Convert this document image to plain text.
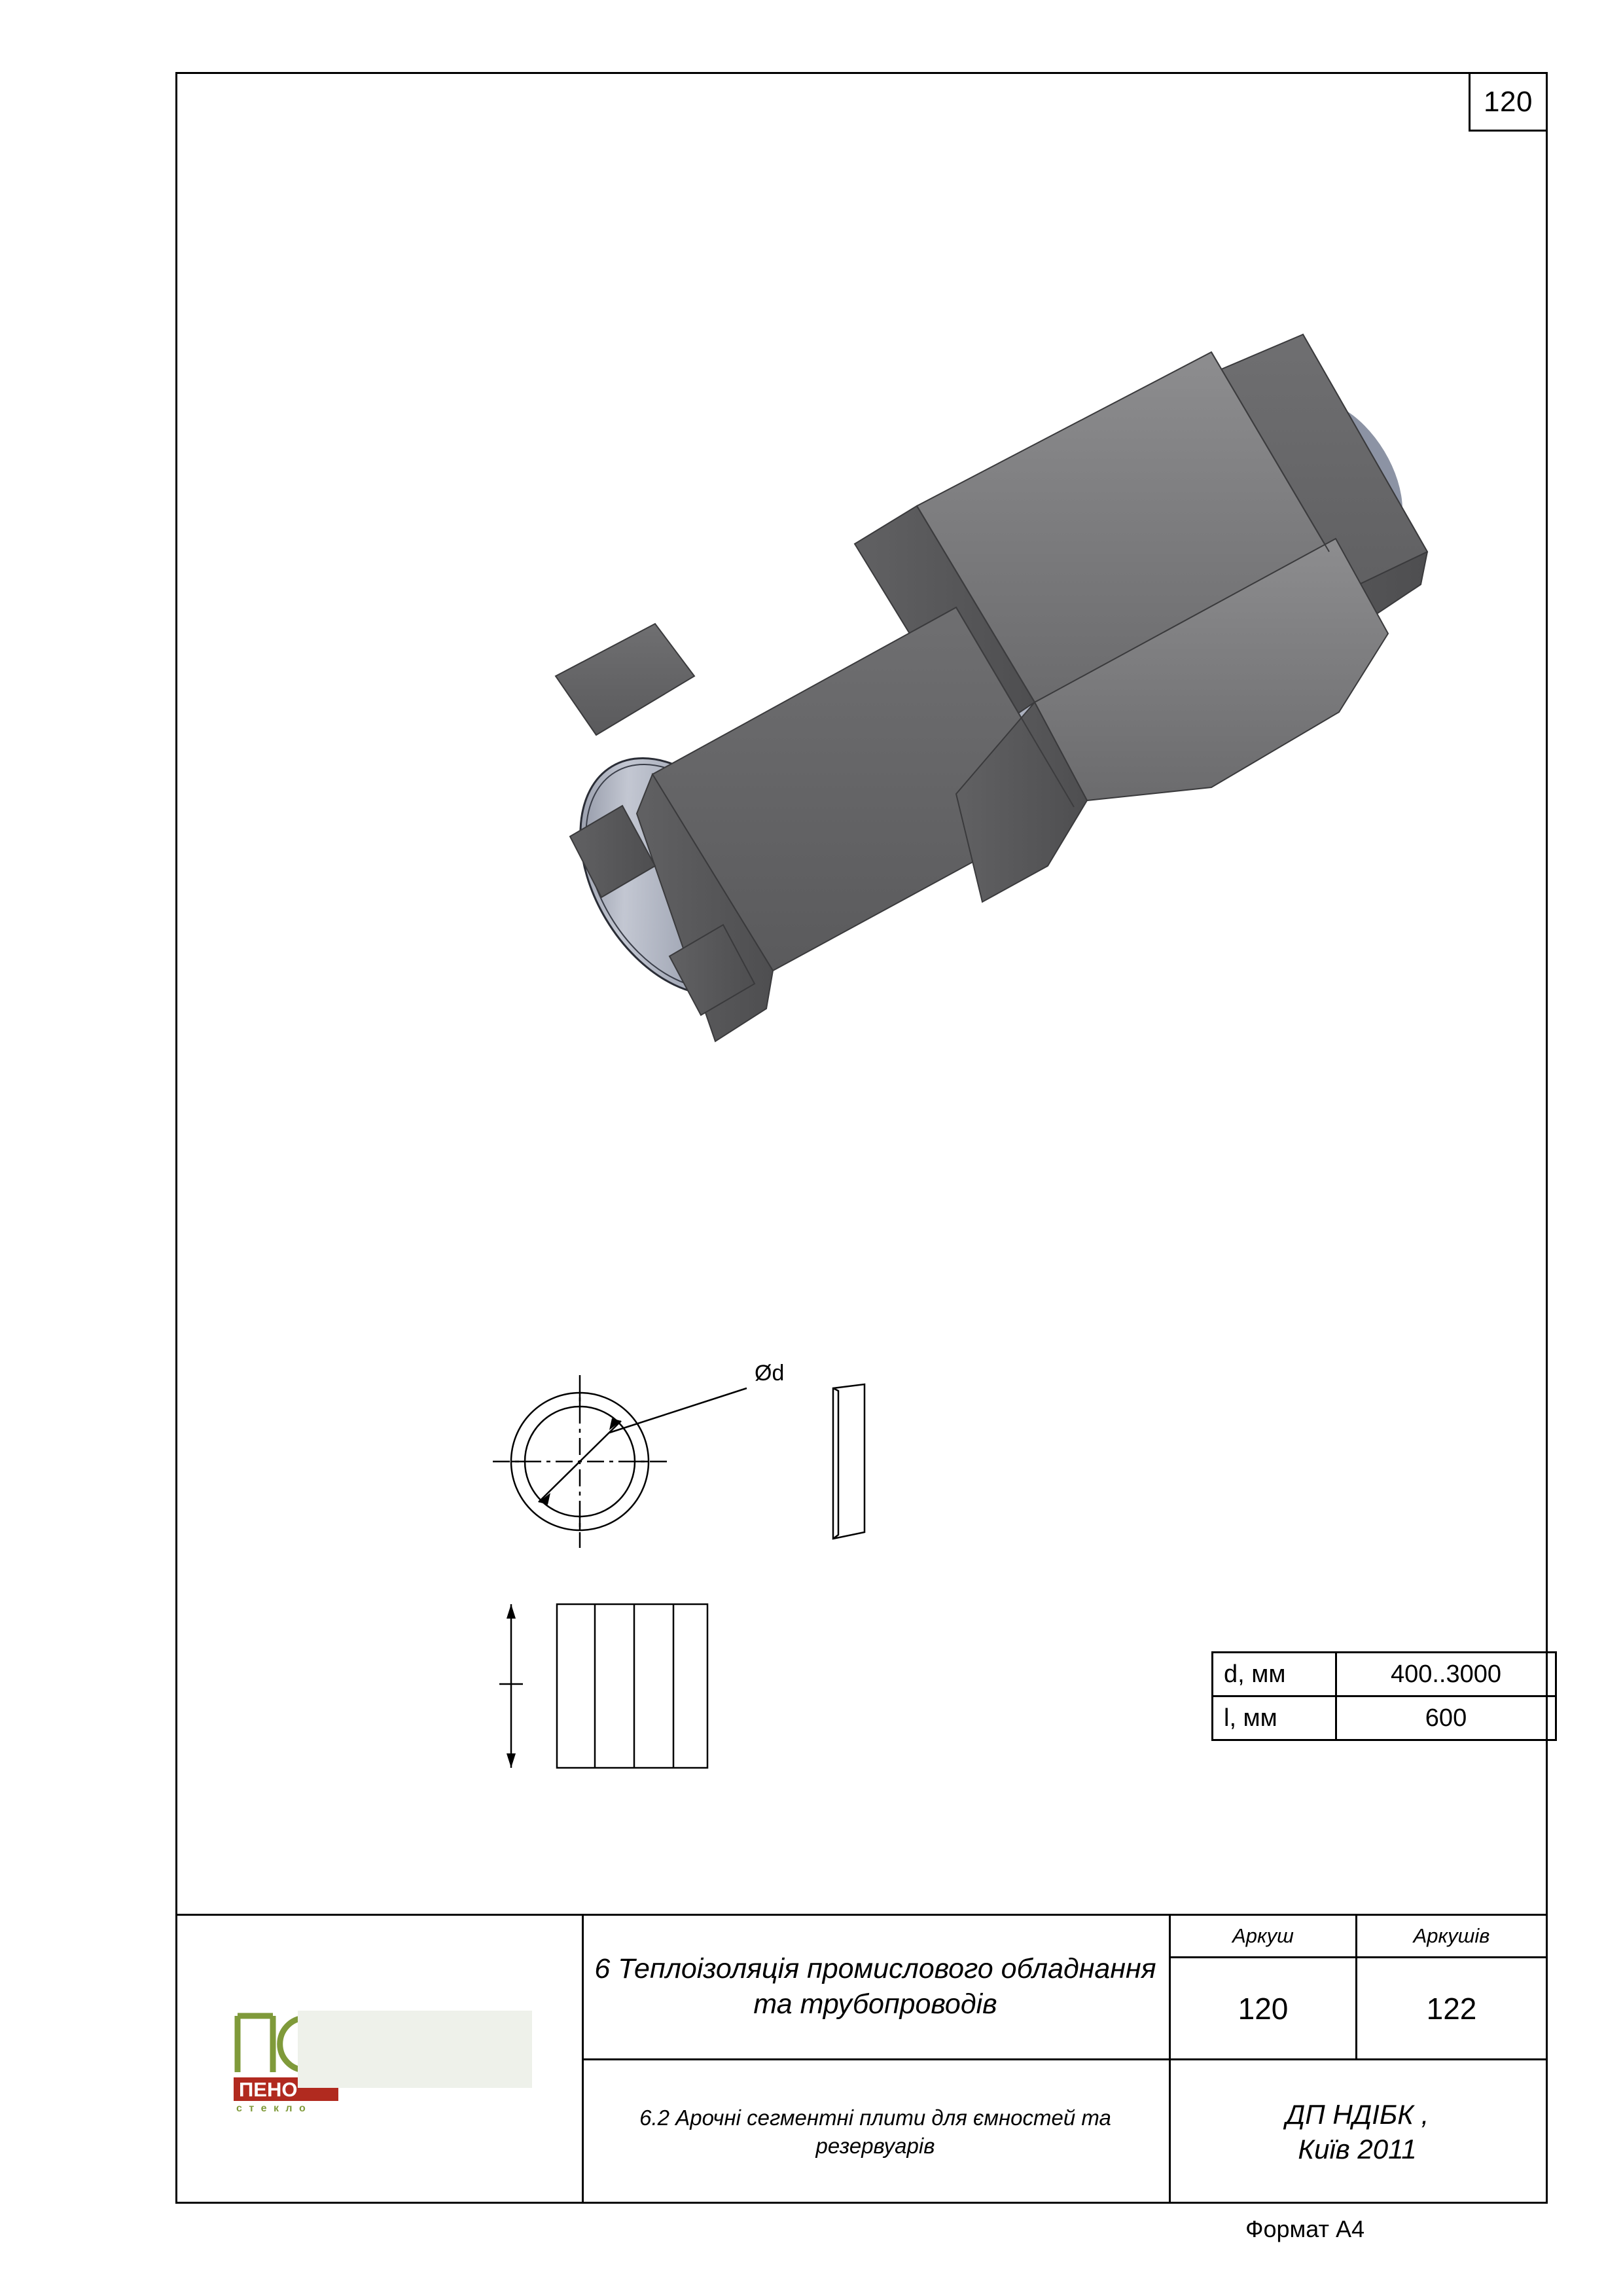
120
Ød
d, мм	400..3000
l, мм	600
ПЕНО
с т е к л о
6 Теплоізоляція промислового обладнання та трубопроводів
6.2 Арочні сегментні плити для ємностей та резервуарів
Аркуш	Аркушів
120	122
ДП НДІБК ,
Київ 2011
Формат А4
